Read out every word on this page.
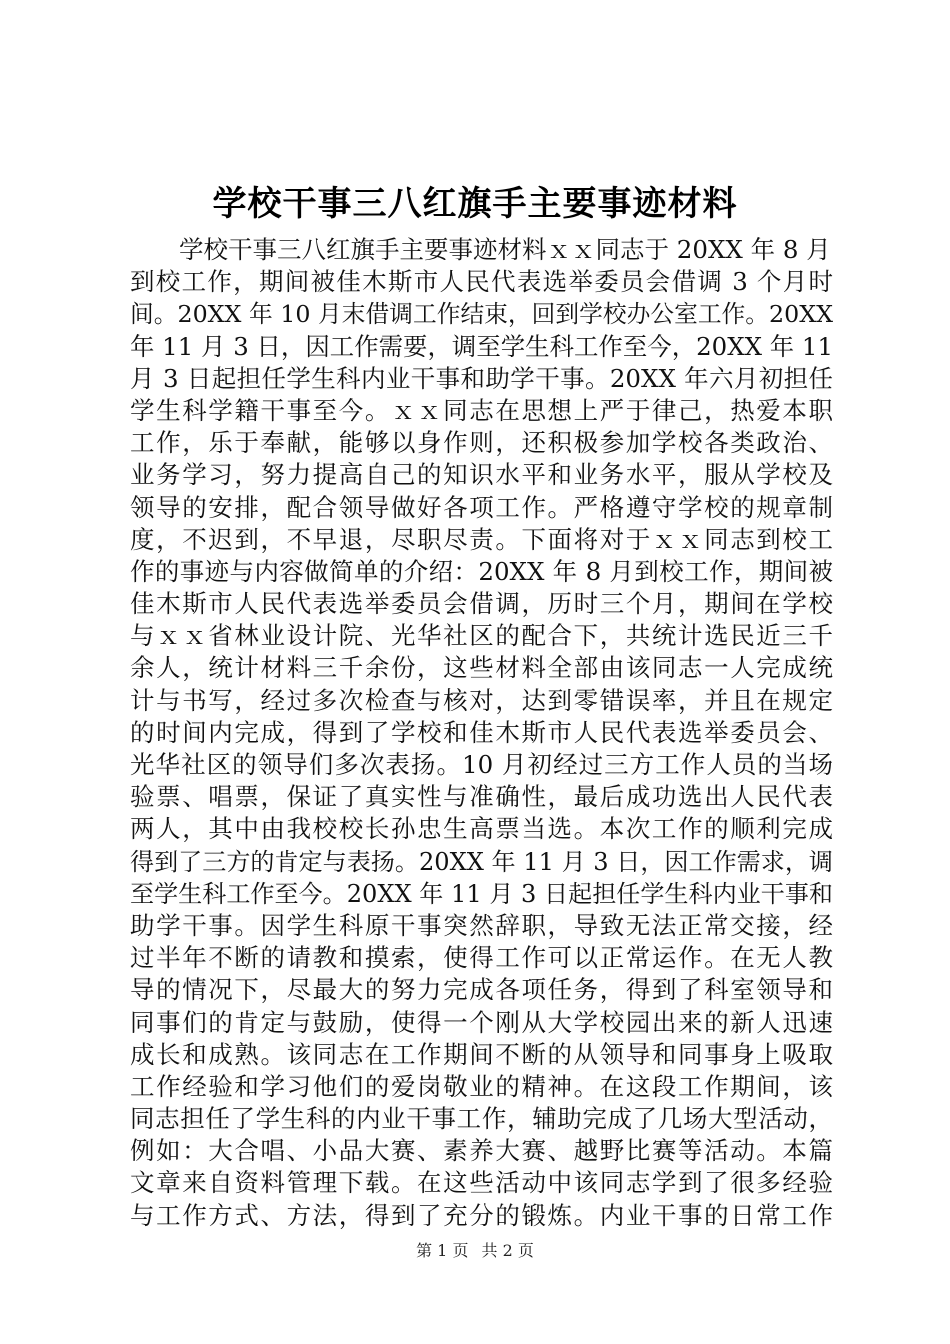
学校干事三八红旗手主要事迹材料
　　学校干事三八红旗手主要事迹材料ｘｘ同志于 20XX 年 8 月
到校工作，期间被佳木斯市人民代表选举委员会借调 3 个月时
间。20XX 年 10 月末借调工作结束，回到学校办公室工作。20XX
年 11 月 3 日，因工作需要，调至学生科工作至今，20XX 年 11
月 3 日起担任学生科内业干事和助学干事。20XX 年六月初担任
学生科学籍干事至今。ｘｘ同志在思想上严于律己，热爱本职
工作，乐于奉献，能够以身作则，还积极参加学校各类政治、
业务学习，努力提高自己的知识水平和业务水平，服从学校及
领导的安排，配合领导做好各项工作。严格遵守学校的规章制
度，不迟到，不早退，尽职尽责。下面将对于ｘｘ同志到校工
作的事迹与内容做简单的介绍：20XX 年 8 月到校工作，期间被
佳木斯市人民代表选举委员会借调，历时三个月，期间在学校
与ｘｘ省林业设计院、光华社区的配合下，共统计选民近三千
余人，统计材料三千余份，这些材料全部由该同志一人完成统
计与书写，经过多次检查与核对，达到零错误率，并且在规定
的时间内完成，得到了学校和佳木斯市人民代表选举委员会、
光华社区的领导们多次表扬。10 月初经过三方工作人员的当场
验票、唱票，保证了真实性与准确性，最后成功选出人民代表
两人，其中由我校校长孙忠生高票当选。本次工作的顺利完成
得到了三方的肯定与表扬。20XX 年 11 月 3 日，因工作需求，调
至学生科工作至今。20XX 年 11 月 3 日起担任学生科内业干事和
助学干事。因学生科原干事突然辞职，导致无法正常交接，经
过半年不断的请教和摸索，使得工作可以正常运作。在无人教
导的情况下，尽最大的努力完成各项任务，得到了科室领导和
同事们的肯定与鼓励，使得一个刚从大学校园出来的新人迅速
成长和成熟。该同志在工作期间不断的从领导和同事身上吸取
工作经验和学习他们的爱岗敬业的精神。在这段工作期间，该
同志担任了学生科的内业干事工作，辅助完成了几场大型活动，
例如：大合唱、小品大赛、素养大赛、越野比赛等活动。本篇
文章来自资料管理下载。在这些活动中该同志学到了很多经验
与工作方式、方法，得到了充分的锻炼。内业干事的日常工作
第 1 页 共 2 页
